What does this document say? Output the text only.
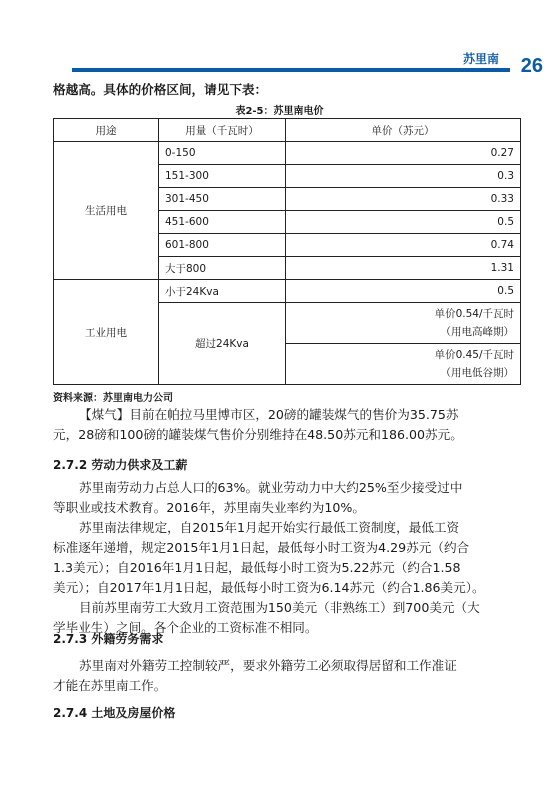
苏里南 26
格越高。具体的价格区间，请见下表：
表2-5：苏里南电价
用途	用量（千瓦时）	单价（苏元）
生活用电	0-150	0.27
	151-300	0.3
	301-450	0.33
	451-600	0.5
	601-800	0.74
	大于800	1.31
工业用电	小于24Kva	0.5
	超过24Kva	单价0.54/千瓦时
（用电高峰期）
		单价0.45/千瓦时
（用电低谷期）
资料来源：苏里南电力公司
【煤气】目前在帕拉马里博市区，20磅的罐装煤气的售价为35.75苏
元，28磅和100磅的罐装煤气售价分别维持在48.50苏元和186.00苏元。
2.7.2 劳动力供求及工薪
苏里南劳动力占总人口的63%。就业劳动力中大约25%至少接受过中
等职业或技术教育。2016年，苏里南失业率约为10%。
苏里南法律规定，自2015年1月起开始实行最低工资制度，最低工资
标准逐年递增，规定2015年1月1日起，最低每小时工资为4.29苏元（约合
1.3美元）；自2016年1月1日起，最低每小时工资为5.22苏元（约合1.58
美元）；自2017年1月1日起，最低每小时工资为6.14苏元（约合1.86美元）。
目前苏里南劳工大致月工资范围为150美元（非熟练工）到700美元（大
学毕业生）之间。各个企业的工资标准不相同。
2.7.3 外籍劳务需求
苏里南对外籍劳工控制较严，要求外籍劳工必须取得居留和工作准证
才能在苏里南工作。
2.7.4 土地及房屋价格
